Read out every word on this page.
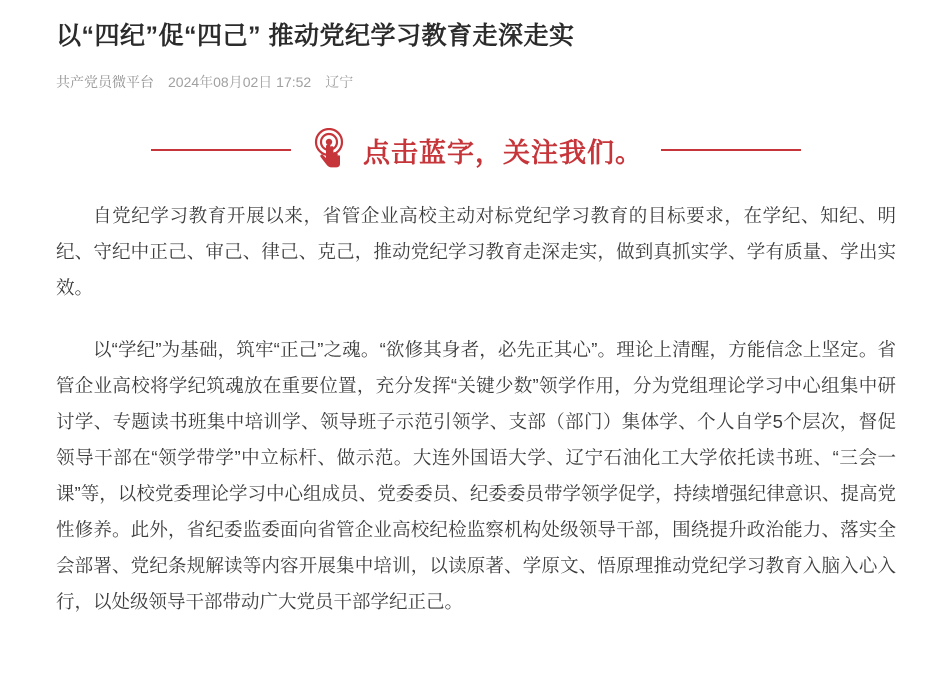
以“四纪”促“四己” 推动党纪学习教育走深走实
共产党员微平台 2024年08月02日 17:52 辽宁
点击蓝字，关注我们。

自党纪学习教育开展以来，省管企业高校主动对标党纪学习教育的目标要求，在学纪、知纪、明纪、守纪中正己、审己、律己、克己，推动党纪学习教育走深走实，做到真抓实学、学有质量、学出实效。

以“学纪”为基础，筑牢“正己”之魂。“欲修其身者，必先正其心”。理论上清醒，方能信念上坚定。省管企业高校将学纪筑魂放在重要位置，充分发挥“关键少数”领学作用，分为党组理论学习中心组集中研讨学、专题读书班集中培训学、领导班子示范引领学、支部（部门）集体学、个人自学5个层次，督促领导干部在“领学带学”中立标杆、做示范。大连外国语大学、辽宁石油化工大学依托读书班、“三会一课”等，以校党委理论学习中心组成员、党委委员、纪委委员带学领学促学，持续增强纪律意识、提高党性修养。此外，省纪委监委面向省管企业高校纪检监察机构处级领导干部，围绕提升政治能力、落实全会部署、党纪条规解读等内容开展集中培训，以读原著、学原文、悟原理推动党纪学习教育入脑入心入行，以处级领导干部带动广大党员干部学纪正己。
